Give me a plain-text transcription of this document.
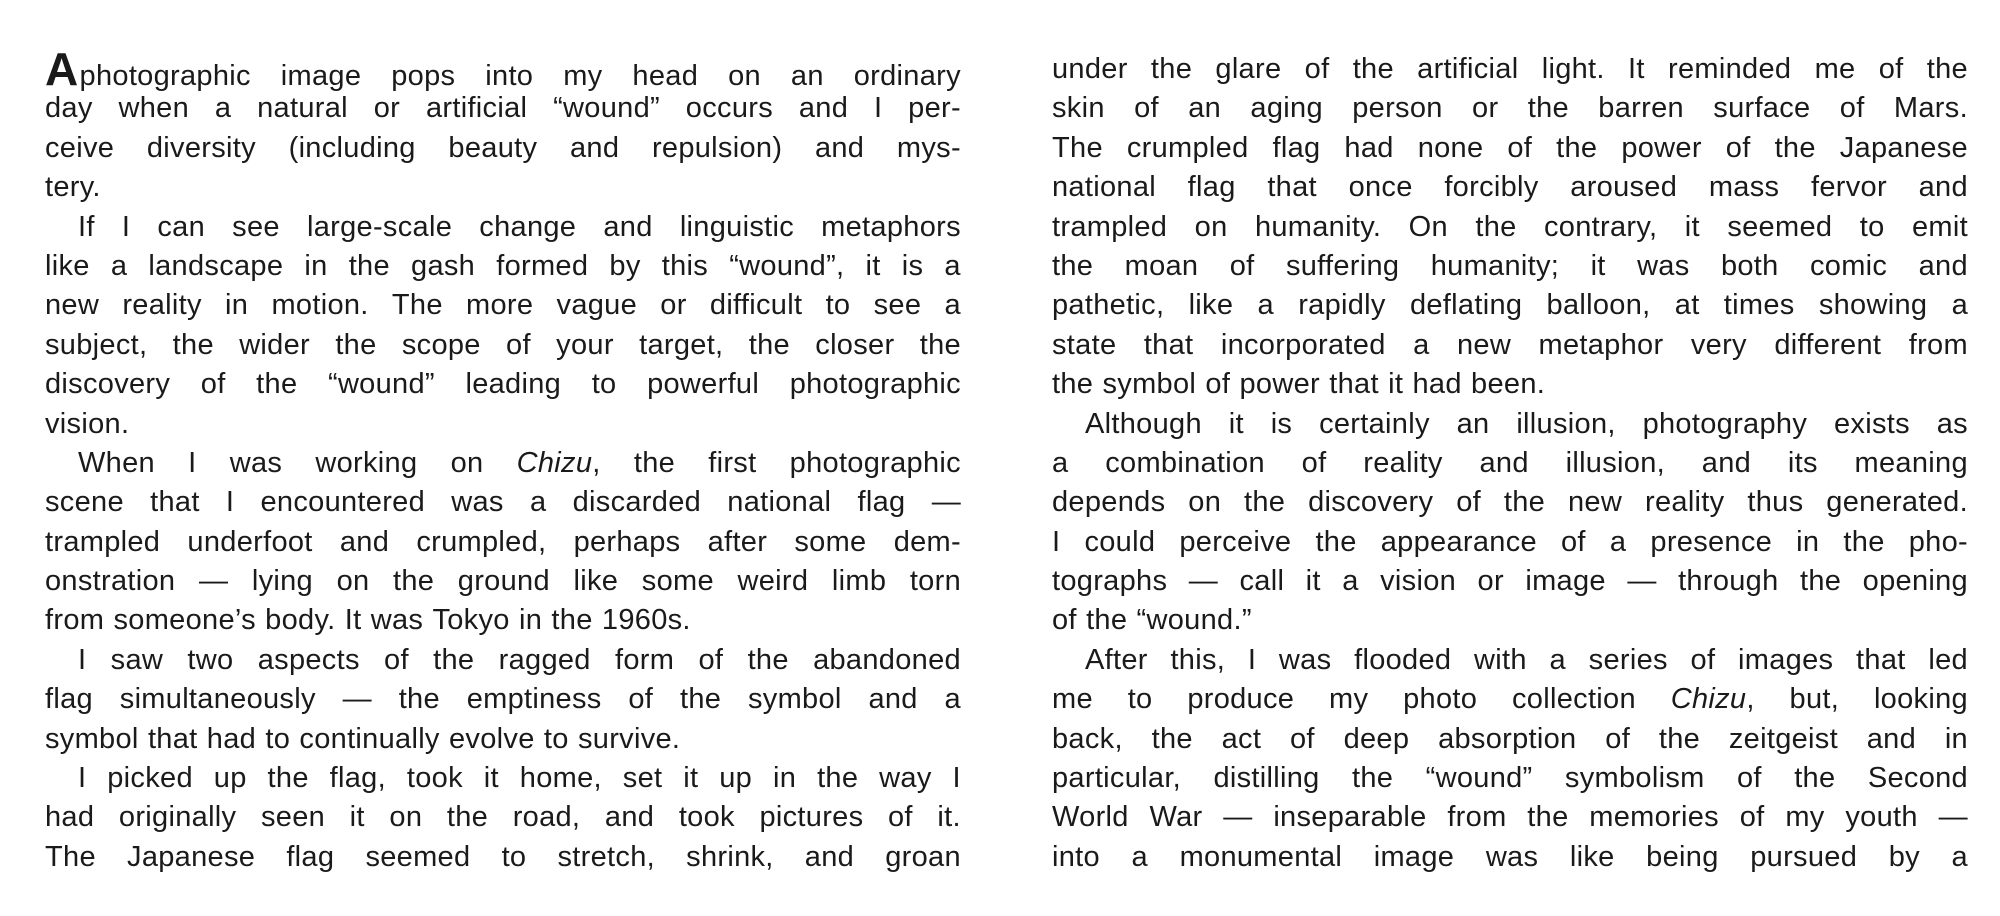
A photographic image pops into my head on an ordinary
day when a natural or artificial “wound” occurs and I per-
ceive diversity (including beauty and repulsion) and mys-
tery.
If I can see large-scale change and linguistic metaphors
like a landscape in the gash formed by this “wound”, it is a
new reality in motion. The more vague or difficult to see a
subject, the wider the scope of your target, the closer the
discovery of the “wound” leading to powerful photographic
vision.
When I was working on Chizu, the first photographic
scene that I encountered was a discarded national flag —
trampled underfoot and crumpled, perhaps after some dem-
onstration — lying on the ground like some weird limb torn
from someone’s body. It was Tokyo in the 1960s.
I saw two aspects of the ragged form of the abandoned
flag simultaneously — the emptiness of the symbol and a
symbol that had to continually evolve to survive.
I picked up the flag, took it home, set it up in the way I
had originally seen it on the road, and took pictures of it.
The Japanese flag seemed to stretch, shrink, and groan
under the glare of the artificial light. It reminded me of the
skin of an aging person or the barren surface of Mars.
The crumpled flag had none of the power of the Japanese
national flag that once forcibly aroused mass fervor and
trampled on humanity. On the contrary, it seemed to emit
the moan of suffering humanity; it was both comic and
pathetic, like a rapidly deflating balloon, at times showing a
state that incorporated a new metaphor very different from
the symbol of power that it had been.
Although it is certainly an illusion, photography exists as
a combination of reality and illusion, and its meaning
depends on the discovery of the new reality thus generated.
I could perceive the appearance of a presence in the pho-
tographs — call it a vision or image — through the opening
of the “wound.”
After this, I was flooded with a series of images that led
me to produce my photo collection Chizu, but, looking
back, the act of deep absorption of the zeitgeist and in
particular, distilling the “wound” symbolism of the Second
World War — inseparable from the memories of my youth —
into a monumental image was like being pursued by a
